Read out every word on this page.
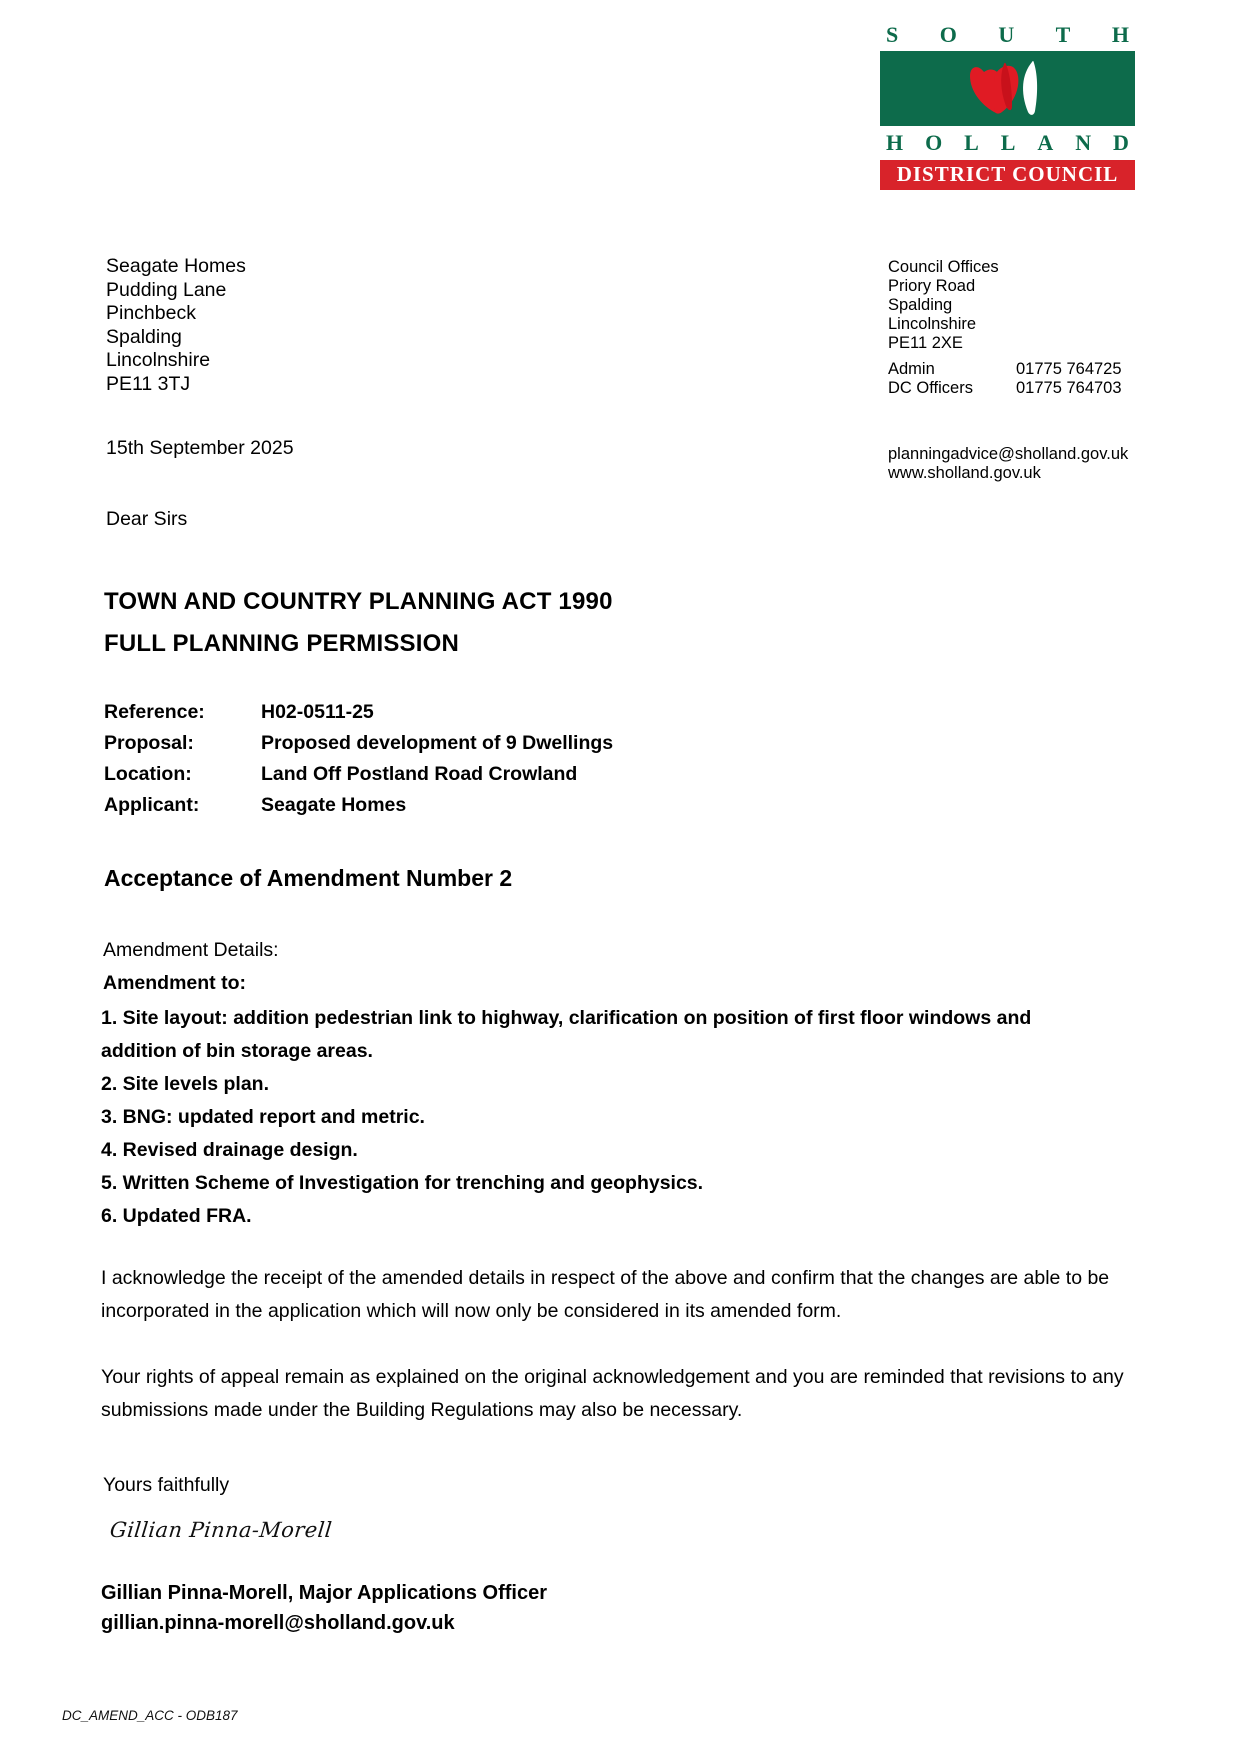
S O U T H
H O L L A N D
DISTRICT COUNCIL
Seagate Homes
Pudding Lane
Pinchbeck
Spalding
Lincolnshire
PE11 3TJ
Council Offices
Priory Road
Spalding
Lincolnshire
PE11 2XE
Admin	01775 764725
DC Officers	01775 764703
planningadvice@sholland.gov.uk
www.sholland.gov.uk
15th September 2025
Dear Sirs
TOWN AND COUNTRY PLANNING ACT 1990
FULL PLANNING PERMISSION
Reference:	H02-0511-25
Proposal:	Proposed development of 9 Dwellings
Location:	Land Off Postland Road Crowland
Applicant:	Seagate Homes
Acceptance of Amendment Number 2
Amendment Details:
Amendment to:
1. Site layout: addition pedestrian link to highway, clarification on position of first floor windows and addition of bin storage areas.
2. Site levels plan.
3. BNG: updated report and metric.
4. Revised drainage design.
5. Written Scheme of Investigation for trenching and geophysics.
6. Updated FRA.
I acknowledge the receipt of the amended details in respect of the above and confirm that the changes are able to be incorporated in the application which will now only be considered in its amended form.
Your rights of appeal remain as explained on the original acknowledgement and you are reminded that revisions to any submissions made under the Building Regulations may also be necessary.
Yours faithfully
Gillian Pinna-Morell
Gillian Pinna-Morell, Major Applications Officer
gillian.pinna-morell@sholland.gov.uk
DC_AMEND_ACC - ODB187
